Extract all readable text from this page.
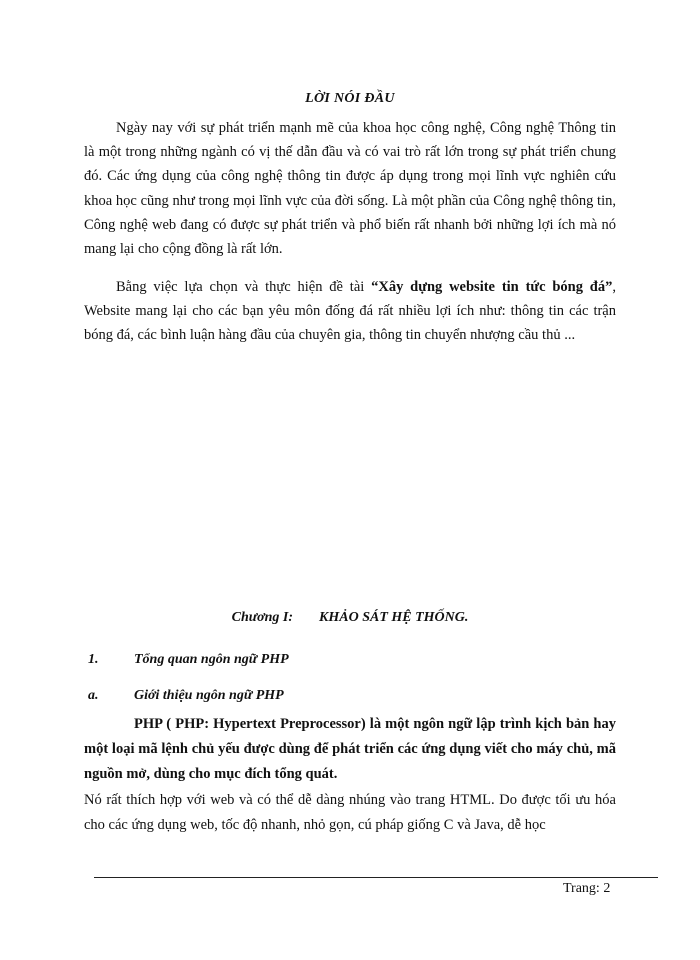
LỜI NÓI ĐẦU
Ngày nay với sự phát triển mạnh mẽ của khoa học công nghệ, Công nghệ Thông tin là một trong những ngành có vị thế dẫn đầu và có vai trò rất lớn trong sự phát triển chung đó. Các ứng dụng của công nghệ thông tin được áp dụng trong mọi lĩnh vực nghiên cứu khoa học cũng như trong mọi lĩnh vực của đời sống. Là một phần của Công nghệ thông tin, Công nghệ web đang có được sự phát triển và phổ biến rất nhanh bởi những lợi ích mà nó mang lại cho cộng đồng là rất lớn.
Bằng việc lựa chọn và thực hiện đề tài “Xây dựng website tin tức bóng đá”, Website mang lại cho các bạn yêu môn đống đá rất nhiều lợi ích như: thông tin các trận bóng đá, các bình luận hàng đầu của chuyên gia, thông tin chuyển nhượng cầu thủ ...
Chương I: KHẢO SÁT HỆ THỐNG.
1.	Tổng quan ngôn ngữ PHP
a.	Giới thiệu ngôn ngữ PHP
PHP ( PHP: Hypertext Preprocessor) là một ngôn ngữ lập trình kịch bản hay một loại mã lệnh chủ yếu được dùng để phát triển các ứng dụng viết cho máy chủ, mã nguồn mở, dùng cho mục đích tổng quát.
Nó rất thích hợp với web và có thể dễ dàng nhúng vào trang HTML. Do được tối ưu hóa cho các ứng dụng web, tốc độ nhanh, nhỏ gọn, cú pháp giống C và Java, dễ học
Trang: 2
